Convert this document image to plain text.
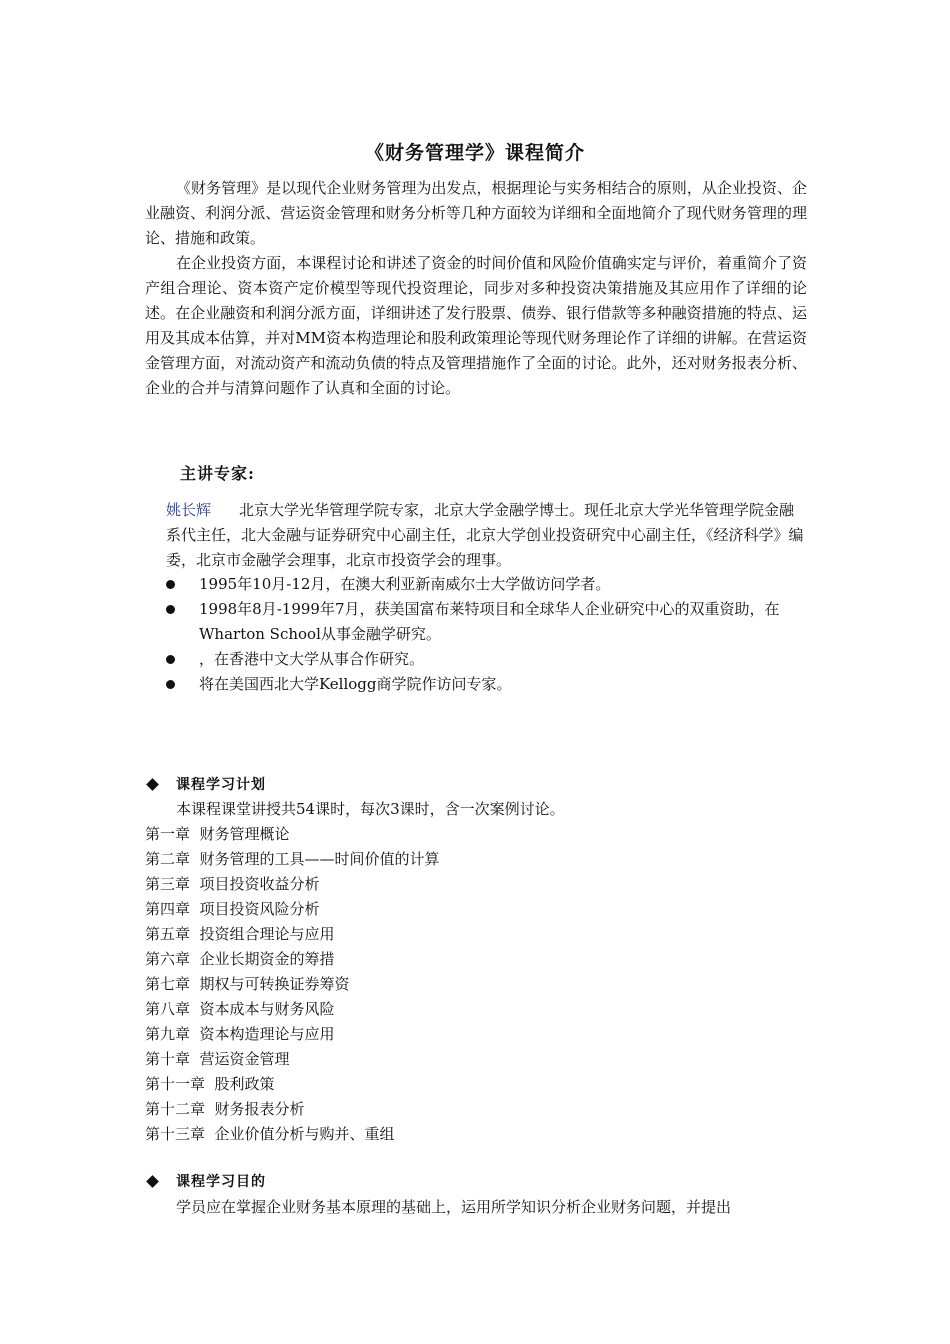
《财务管理学》课程简介

《财务管理》是以现代企业财务管理为出发点，根据理论与实务相结合的原则，从企业投资、企业融资、利润分派、营运资金管理和财务分析等几种方面较为详细和全面地简介了现代财务管理的理论、措施和政策。

在企业投资方面，本课程讨论和讲述了资金的时间价值和风险价值确实定与评价，着重简介了资产组合理论、资本资产定价模型等现代投资理论，同步对多种投资决策措施及其应用作了详细的论述。在企业融资和利润分派方面，详细讲述了发行股票、债券、银行借款等多种融资措施的特点、运用及其成本估算，并对MM资本构造理论和股利政策理论等现代财务理论作了详细的讲解。在营运资金管理方面，对流动资产和流动负债的特点及管理措施作了全面的讨论。此外，还对财务报表分析、企业的合并与清算问题作了认真和全面的讨论。

主讲专家:

姚长辉 北京大学光华管理学院专家，北京大学金融学博士。现任北京大学光华管理学院金融系代主任，北大金融与证券研究中心副主任，北京大学创业投资研究中心副主任，《经济科学》编委，北京市金融学会理事，北京市投资学会的理事。

1995年10月-12月，在澳大利亚新南威尔士大学做访问学者。
1998年8月-1999年7月，获美国富布莱特项目和全球华人企业研究中心的双重资助，在Wharton School从事金融学研究。
，在香港中文大学从事合作研究。
将在美国西北大学Kellogg商学院作访问专家。
课程学习计划

本课程课堂讲授共54课时，每次3课时，含一次案例讨论。

第一章  财务管理概论
第二章  财务管理的工具——时间价值的计算
第三章  项目投资收益分析
第四章  项目投资风险分析
第五章  投资组合理论与应用
第六章  企业长期资金的筹措
第七章  期权与可转换证券筹资
第八章  资本成本与财务风险
第九章  资本构造理论与应用
第十章  营运资金管理
第十一章  股利政策
第十二章  财务报表分析
第十三章  企业价值分析与购并、重组
课程学习目的

学员应在掌握企业财务基本原理的基础上，运用所学知识分析企业财务问题，并提出
